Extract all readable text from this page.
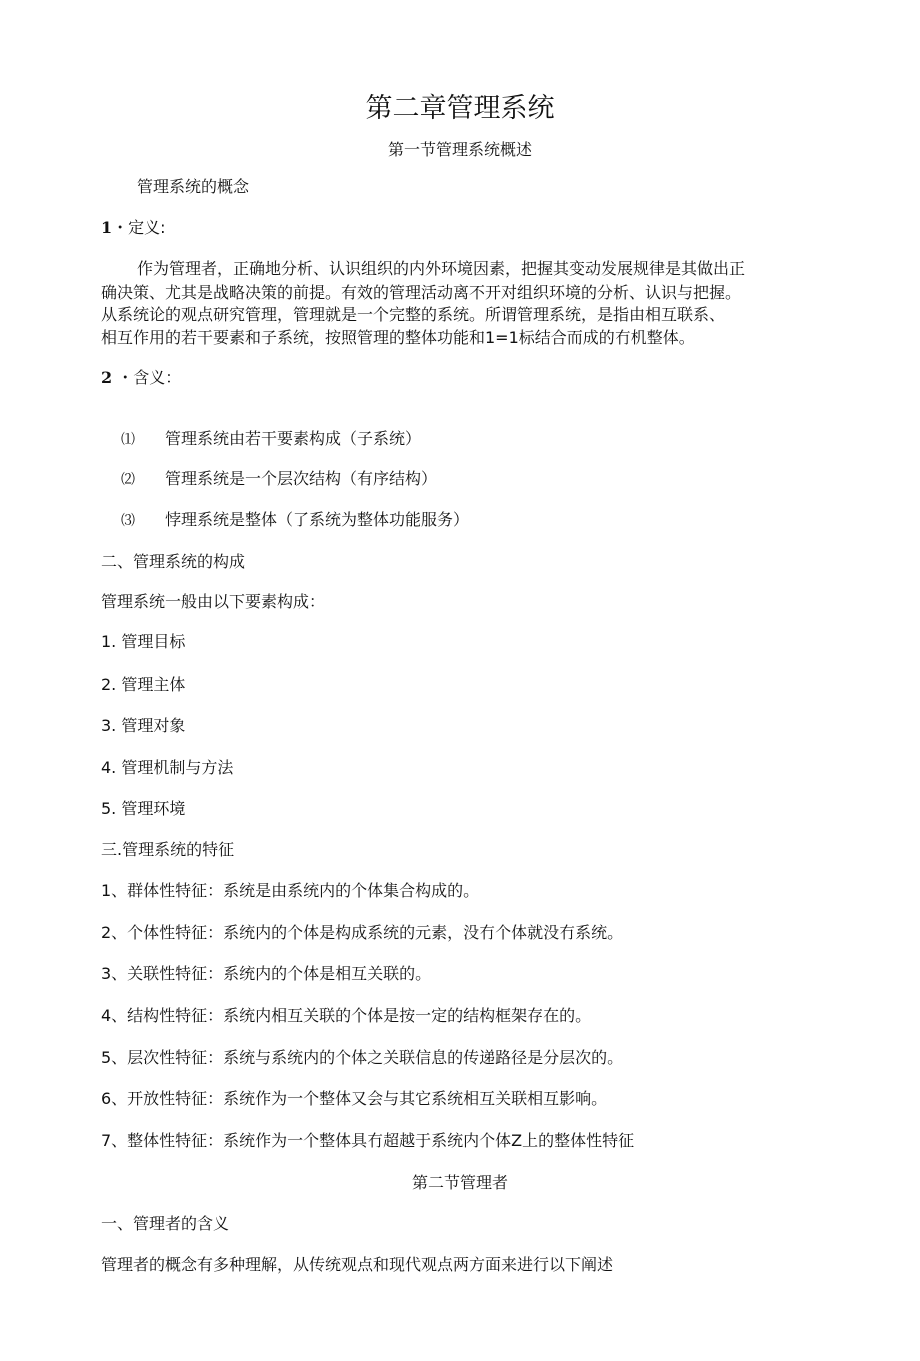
第二章管理系统
第一节管理系统概述
管理系统的概念
1・定义:
作为管理者，正确地分析、认识组织的内外环境因素，把握其变动发展规律是其做出正
确决策、尤其是战略决策的前提。有效的管理活动离不开对组织环境的分析、认识与把握。
从系统论的观点研究管理，管理就是一个完整的系统。所谓管理系统，是指由相互联系、
相互作用的若干要素和子系统，按照管理的整体功能和1=1标结合而成的冇机整体。
2 ・含义：
⑴ 管理系统由若干要素构成（子系统）
⑵ 管理系统是一个层次结构（有序结构）
⑶ 悖理系统是整体（了系统为整体功能服务）
二、管理系统的构成
管理系统一般由以下要素构成：
1. 管理目标
2. 管理主体
3. 管理对象
4. 管理机制与方法
5. 管理环境
三.管理系统的特征
1、群体性特征：系统是由系统内的个体集合构成的。
2、个体性特征：系统内的个体是构成系统的元素，没冇个体就没冇系统。
3、关联性特征：系统内的个体是相互关联的。
4、结构性特征：系统内相互关联的个体是按一定的结构框架存在的。
5、层次性特征：系统与系统内的个体之关联信息的传递路径是分层次的。
6、开放性特征：系统作为一个整体又会与其它系统相互关联相互影响。
7、整体性特征：系统作为一个整体具冇超越于系统内个体Z上的整体性特征
第二节管理者
一、管理者的含义
管理者的概念有多种理解，从传统观点和现代观点两方面来进行以下阐述
